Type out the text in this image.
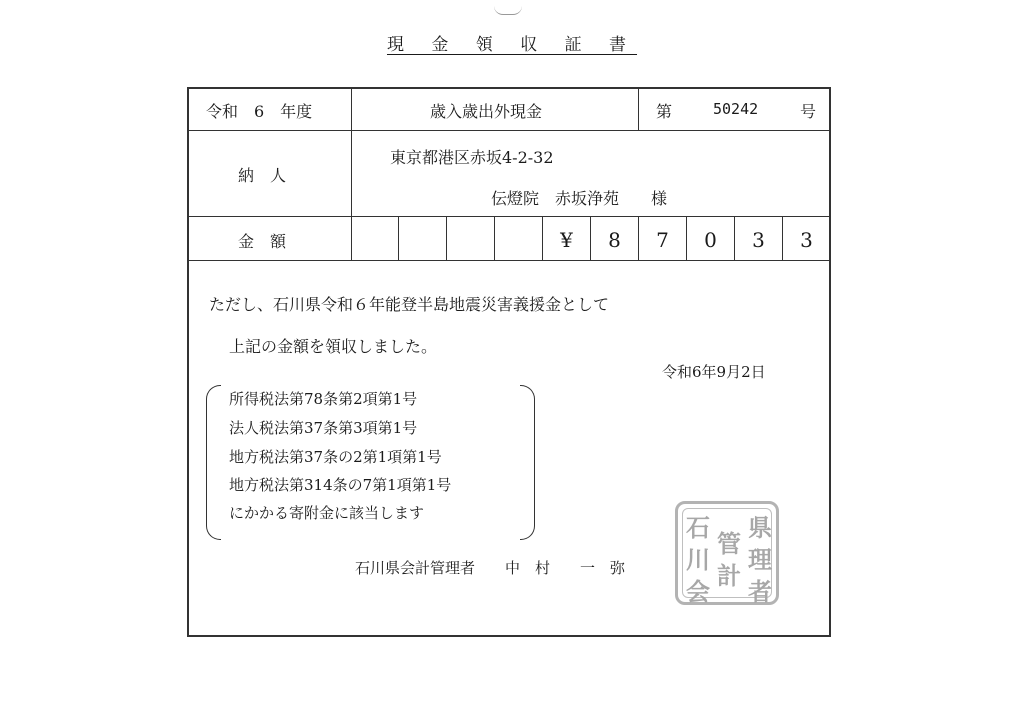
現 金 領 収 証 書
令和　6　年度	歳入歳出外現金	第	50242	号
納　人
東京都港区赤坂4-2-32
伝燈院　赤坂浄苑　　様
金　額	¥	8	7	0	3	3
ただし、石川県令和６年能登半島地震災害義援金として
上記の金額を領収しました。
令和6年9月2日
所得税法第78条第2項第1号
法人税法第37条第3項第1号
地方税法第37条の2第1項第1号
地方税法第314条の7第1項第1号
にかかる寄附金に該当します
石川県会計管理者　　中　村　　一　弥
県
石
理
川
管
計
会 者
